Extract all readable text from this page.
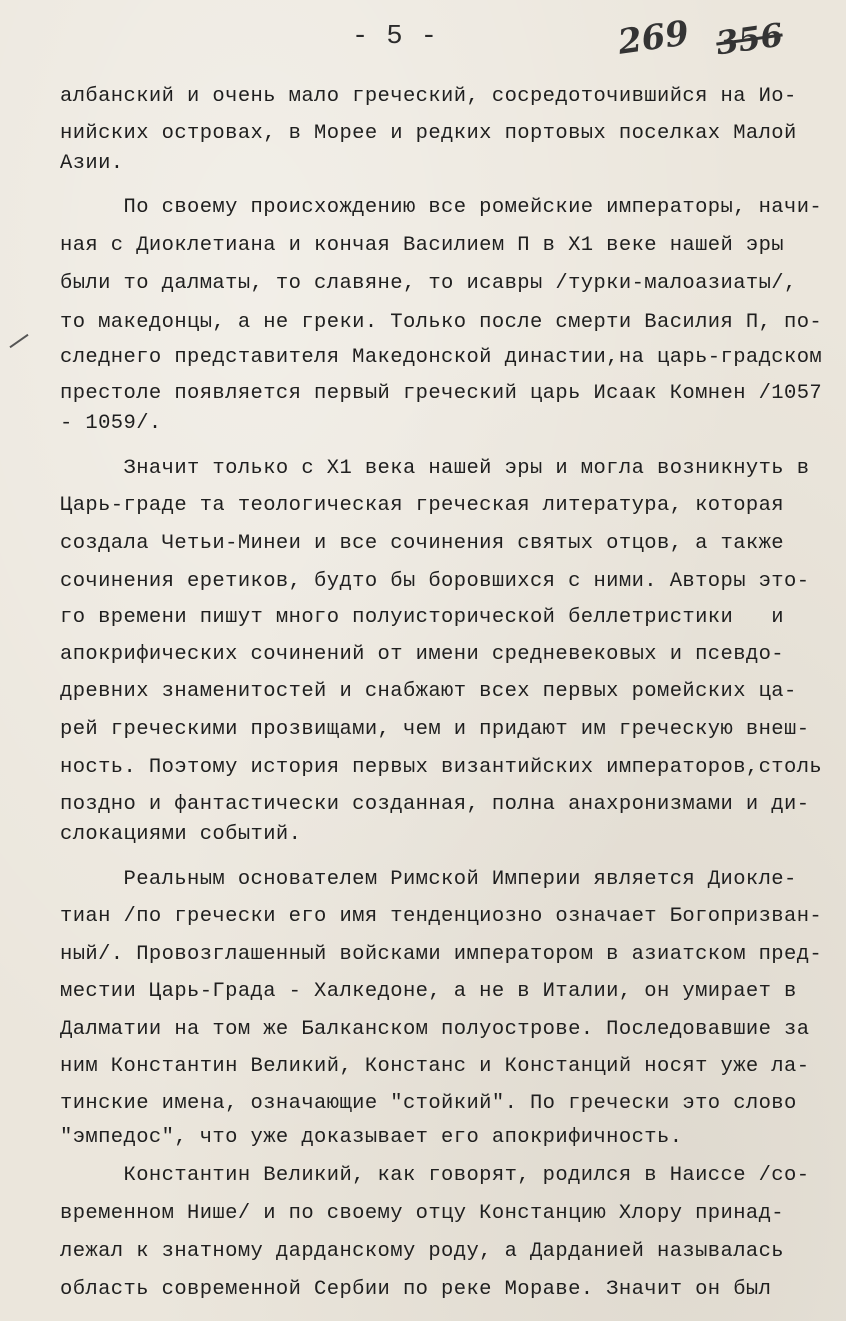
- 5 -	269 356
албанский и очень мало греческий, сосредоточившийся на Ио-
нийских островах, в Морее и редких портовых поселках Малой
Азии.
По своему происхождению все ромейские императоры, начи-
ная с Диоклетиана и кончая Василием П в Х1 веке нашей эры
были то далматы, то славяне, то исавры /турки-малоазиаты/,
то македонцы, а не греки. Только после смерти Василия П, по-
следнего представителя Македонской династии,на царь-градском
престоле появляется первый греческий царь Исаак Комнен /1057
- 1059/.
Значит только с Х1 века нашей эры и могла возникнуть в
Царь-граде та теологическая греческая литература, которая
создала Четьи-Минеи и все сочинения святых отцов, а также
сочинения еретиков, будто бы боровшихся с ними. Авторы это-
го времени пишут много полуисторической беллетристики   и
апокрифических сочинений от имени средневековых и псевдо-
древних знаменитостей и снабжают всех первых ромейских ца-
рей греческими прозвищами, чем и придают им греческую внеш-
ность. Поэтому история первых византийских императоров,столь
поздно и фантастически созданная, полна анахронизмами и ди-
слокациями событий.
Реальным основателем Римской Империи является Диокле-
тиан /по гречески его имя тенденциозно означает Богопризван-
ный/. Провозглашенный войсками императором в азиатском пред-
местии Царь-Града - Халкедоне, а не в Италии, он умирает в
Далматии на том же Балканском полуострове. Последовавшие за
ним Константин Великий, Констанс и Констанций носят уже ла-
тинские имена, означающие "стойкий". По гречески это слово
"эмпедос", что уже доказывает его апокрифичность.
Константин Великий, как говорят, родился в Наиссе /со-
временном Нише/ и по своему отцу Констанцию Хлору принад-
лежал к знатному дарданскому роду, а Дарданией называлась
область современной Сербии по реке Мораве. Значит он был
